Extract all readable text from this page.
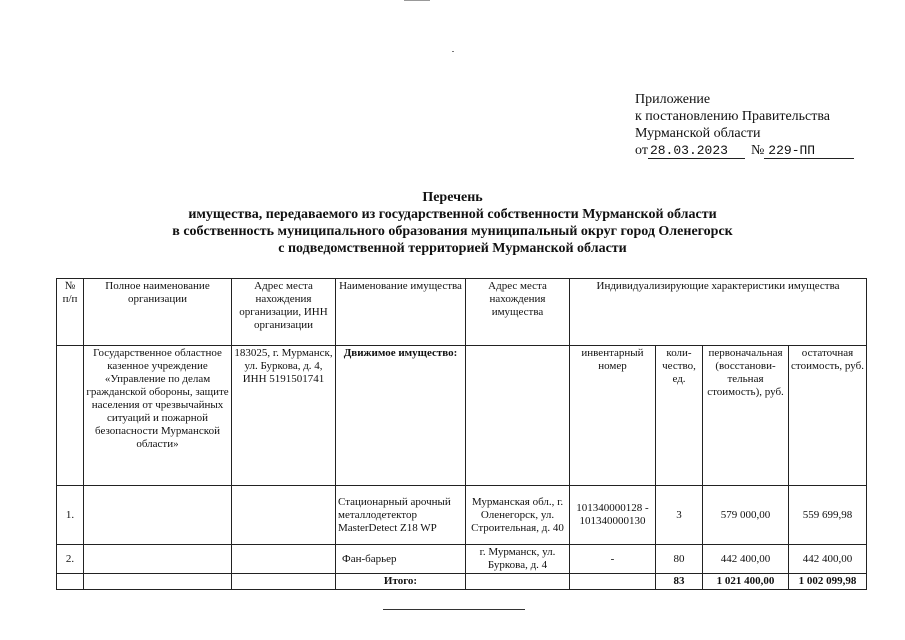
Приложение
к постановлению Правительства
Мурманской области
от 28.03.2023	№ 229-ПП
Перечень
имущества, передаваемого из государственной собственности Мурманской области
в собственность муниципального образования муниципальный округ город Оленегорск
с подведомственной территорией Мурманской области
№ п/п	Полное наименование организации	Адрес места нахождения организации, ИНН организации	Наименование имущества	Адрес места нахождения имущества	Индивидуализирующие характеристики имущества			
	Государственное областное казенное учреждение «Управление по делам гражданской обороны, защите населения от чрезвычайных ситуаций и пожарной безопасности Мурманской области»	183025, г. Мурманск, ул. Буркова, д. 4, ИНН 5191501741	Движимое имущество:		инвентарный номер	коли-чество, ед.	первоначальная (восстанови-тельная стоимость), руб.	остаточная стоимость, руб.
1.			Стационарный арочный металлодетектор MasterDetect Z18 WP	Мурманская обл., г. Оленегорск, ул. Строительная, д. 40	101340000128 - 101340000130	3	579 000,00	559 699,98
2.			Фан-барьер	г. Мурманск, ул. Буркова, д. 4	-	80	442 400,00	442 400,00
			Итого:			83	1 021 400,00	1 002 099,98
